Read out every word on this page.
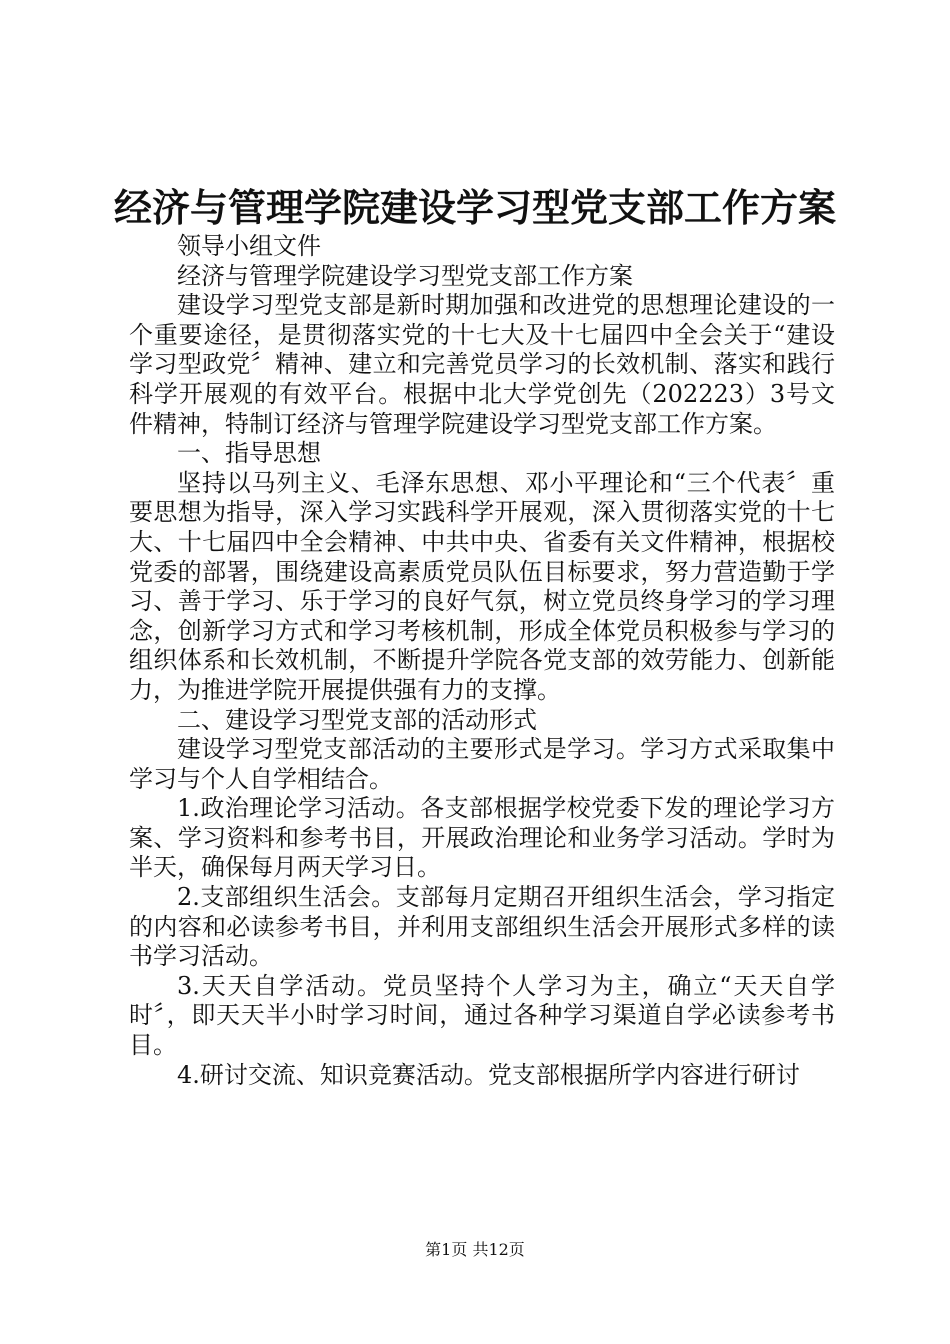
经济与管理学院建设学习型党支部工作方案

领导小组文件

经济与管理学院建设学习型党支部工作方案

建设学习型党支部是新时期加强和改进党的思想理论建设的一个重要途径，是贯彻落实党的十七大及十七届四中全会关于“建设学习型政党〞精神、建立和完善党员学习的长效机制、落实和践行科学开展观的有效平台。根据中北大学党创先（202223）3号文件精神，特制订经济与管理学院建设学习型党支部工作方案。

一、指导思想

坚持以马列主义、毛泽东思想、邓小平理论和“三个代表〞重要思想为指导，深入学习实践科学开展观，深入贯彻落实党的十七大、十七届四中全会精神、中共中央、省委有关文件精神，根据校党委的部署，围绕建设高素质党员队伍目标要求，努力营造勤于学习、善于学习、乐于学习的良好气氛，树立党员终身学习的学习理念，创新学习方式和学习考核机制，形成全体党员积极参与学习的组织体系和长效机制，不断提升学院各党支部的效劳能力、创新能力，为推进学院开展提供强有力的支撑。

二、建设学习型党支部的活动形式

建设学习型党支部活动的主要形式是学习。学习方式采取集中学习与个人自学相结合。

1.政治理论学习活动。各支部根据学校党委下发的理论学习方案、学习资料和参考书目，开展政治理论和业务学习活动。学时为半天，确保每月两天学习日。

2.支部组织生活会。支部每月定期召开组织生活会，学习指定的内容和必读参考书目，并利用支部组织生活会开展形式多样的读书学习活动。

3.天天自学活动。党员坚持个人学习为主，确立“天天自学时〞，即天天半小时学习时间，通过各种学习渠道自学必读参考书目。

4.研讨交流、知识竞赛活动。党支部根据所学内容进行研讨

第1页 共12页
